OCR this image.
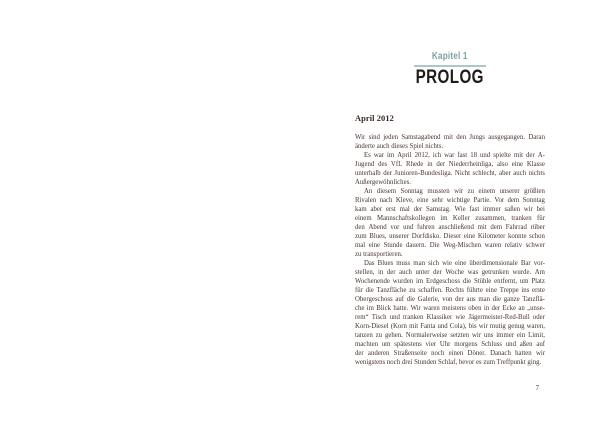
Kapitel 1
PROLOG
April 2012
Wir sind jeden Samstagabend mit den Jungs ausgegangen. Daran
änderte auch dieses Spiel nichts.
Es war im April 2012, ich war fast 18 und spielte mit der A-
Jugend des VfL Rhede in der Niederrheinliga, also eine Klasse
unterhalb der Junioren-Bundesliga. Nicht schlecht, aber auch nichts
Außergewöhnliches.
An diesem Sonntag mussten wir zu einem unserer größten
Rivalen nach Kleve, eine sehr wichtige Partie. Vor dem Sonntag
kam aber erst mal der Samstag. Wie fast immer saßen wir bei
einem Mannschaftskollegen im Keller zusammen, tranken für
den Abend vor und fuhren anschließend mit dem Fahrrad rüber
zum Blues, unserer Dorfdisko. Dieser eine Kilometer konnte schon
mal eine Stunde dauern. Die Weg-Mischen waren relativ schwer
zu transportieren.
Das Blues muss man sich wie eine überdimensionale Bar vor-
stellen, in der auch unter der Woche was getrunken wurde. Am
Wochenende wurden im Erdgeschoss die Stühle entfernt, um Platz
für die Tanzfläche zu schaffen. Rechts führte eine Treppe ins erste
Obergeschoss auf die Galerie, von der aus man die ganze Tanzflä-
che im Blick hatte. Wir waren meistens oben in der Ecke an „unse-
rem“ Tisch und tranken Klassiker wie Jägermeister-Red-Bull oder
Korn-Diesel (Korn mit Fanta und Cola), bis wir mutig genug waren,
tanzen zu gehen. Normalerweise setzten wir uns immer ein Limit,
machten um spätestens vier Uhr morgens Schluss und aßen auf
der anderen Straßenseite noch einen Döner. Danach hatten wir
wenigstens noch drei Stunden Schlaf, bevor es zum Treffpunkt ging.
7
